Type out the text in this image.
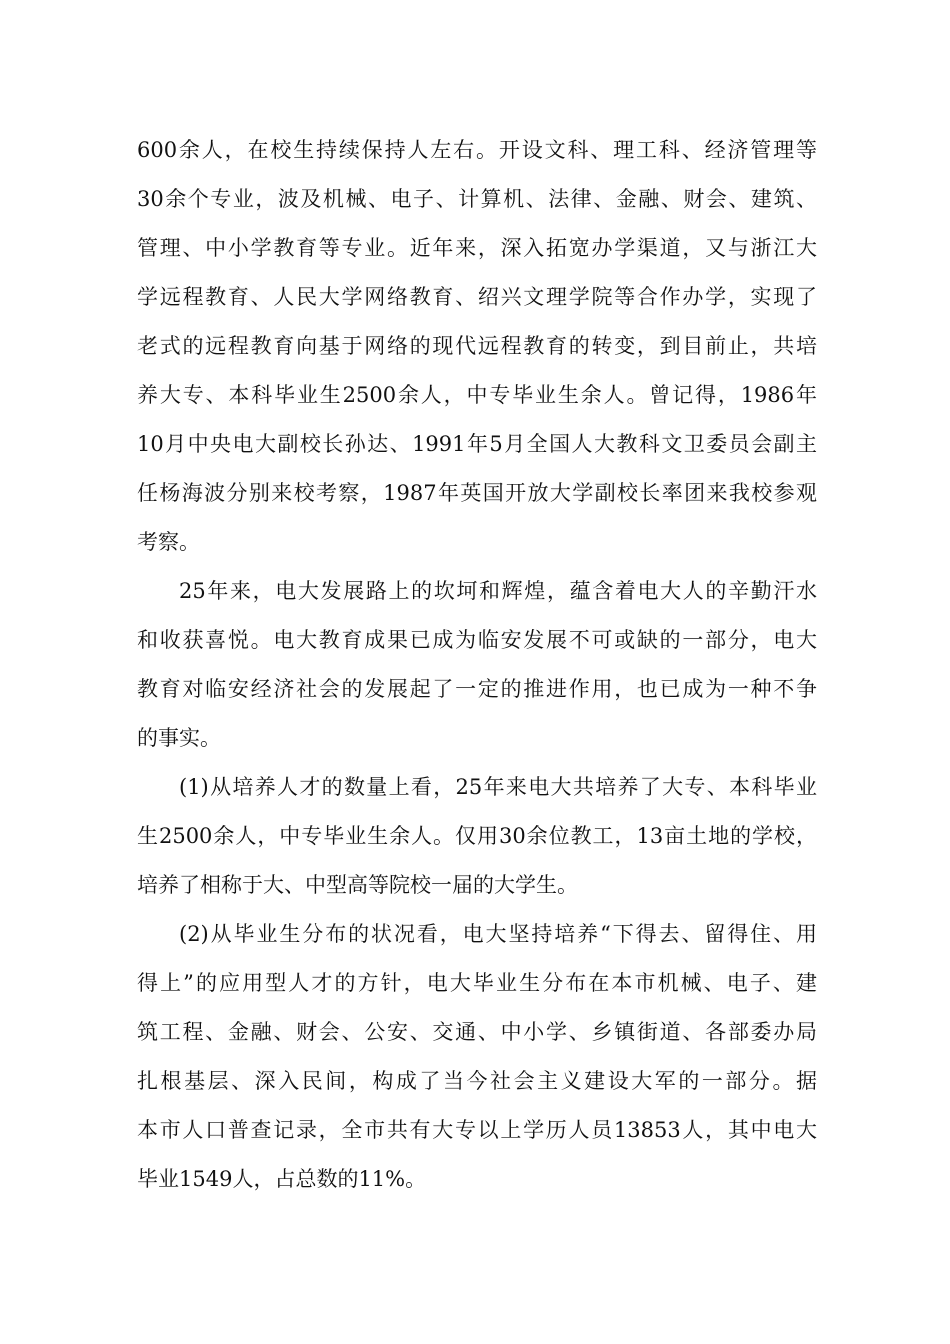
600余人，在校生持续保持人左右。开设文科、理工科、经济管理等
30余个专业，波及机械、电子、计算机、法律、金融、财会、建筑、
管理、中小学教育等专业。近年来，深入拓宽办学渠道，又与浙江大
学远程教育、人民大学网络教育、绍兴文理学院等合作办学，实现了
老式的远程教育向基于网络的现代远程教育的转变，到目前止，共培
养大专、本科毕业生2500余人，中专毕业生余人。曾记得，1986年
10月中央电大副校长孙达、1991年5月全国人大教科文卫委员会副主
任杨海波分别来校考察，1987年英国开放大学副校长率团来我校参观
考察。
25年来，电大发展路上的坎坷和辉煌，蕴含着电大人的辛勤汗水
和收获喜悦。电大教育成果已成为临安发展不可或缺的一部分，电大
教育对临安经济社会的发展起了一定的推进作用，也已成为一种不争
的事实。
(1)从培养人才的数量上看，25年来电大共培养了大专、本科毕业
生2500余人，中专毕业生余人。仅用30余位教工，13亩土地的学校，
培养了相称于大、中型高等院校一届的大学生。
(2)从毕业生分布的状况看，电大坚持培养“下得去、留得住、用
得上”的应用型人才的方针，电大毕业生分布在本市机械、电子、建
筑工程、金融、财会、公安、交通、中小学、乡镇街道、各部委办局
扎根基层、深入民间，构成了当今社会主义建设大军的一部分。据
本市人口普查记录，全市共有大专以上学历人员13853人，其中电大
毕业1549人，占总数的11%。
